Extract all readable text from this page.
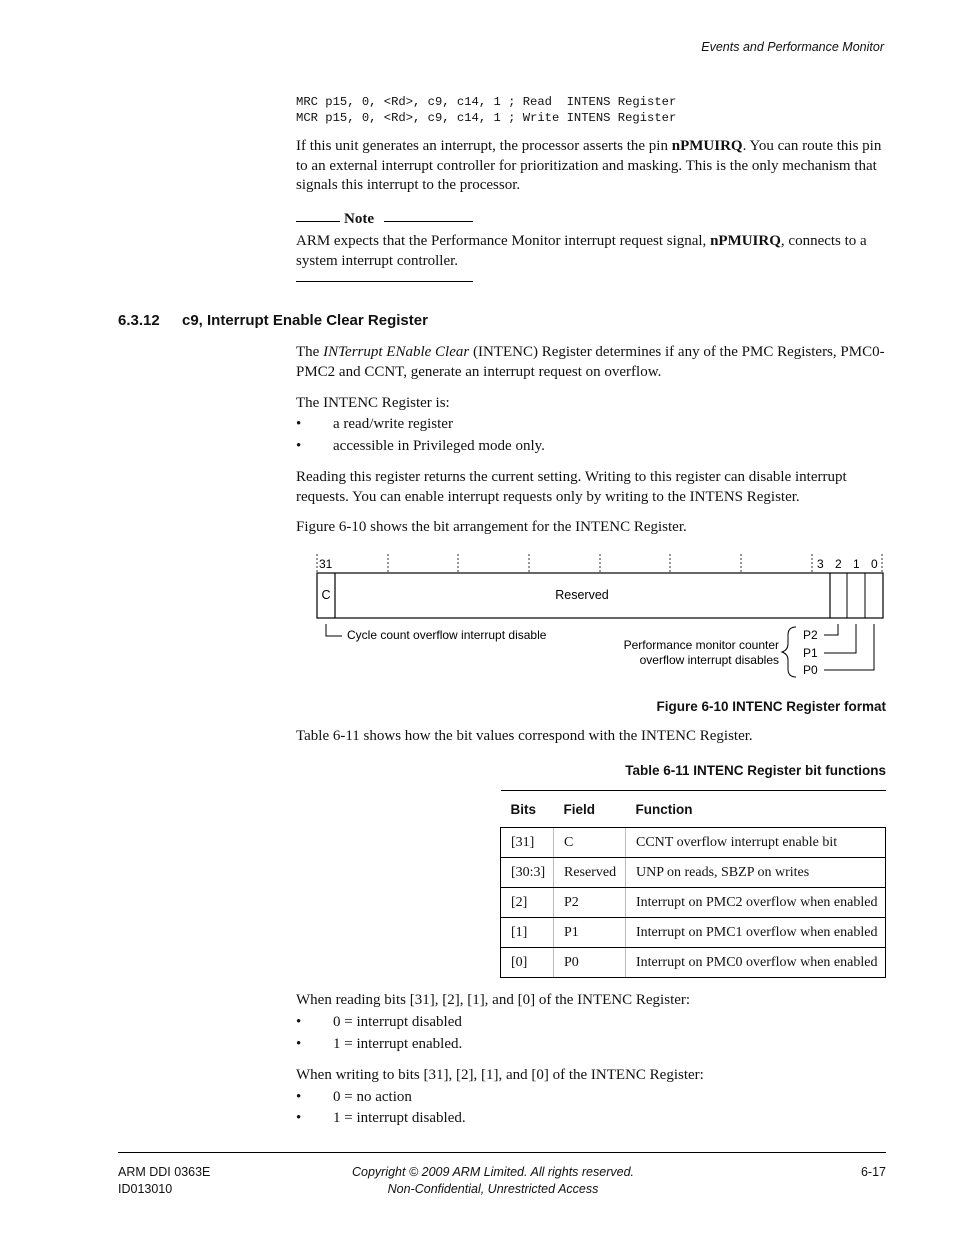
Events and Performance Monitor
MRC p15, 0, <Rd>, c9, c14, 1 ; Read  INTENS Register
MCR p15, 0, <Rd>, c9, c14, 1 ; Write INTENS Register
If this unit generates an interrupt, the processor asserts the pin nPMUIRQ. You can route this pin to an external interrupt controller for prioritization and masking. This is the only mechanism that signals this interrupt to the processor.
Note
ARM expects that the Performance Monitor interrupt request signal, nPMUIRQ, connects to a system interrupt controller.
6.3.12 c9, Interrupt Enable Clear Register
The INTerrupt ENable Clear (INTENC) Register determines if any of the PMC Registers, PMC0-PMC2 and CCNT, generate an interrupt request on overflow.
The INTENC Register is:
• a read/write register
• accessible in Privileged mode only.
Reading this register returns the current setting. Writing to this register can disable interrupt requests. You can enable interrupt requests only by writing to the INTENS Register.
Figure 6-10 shows the bit arrangement for the INTENC Register.
31	3 2 1 0
C	Reserved
Cycle count overflow interrupt disable	P2
P1
P0
Performance monitor counter
overflow interrupt disables
Figure 6-10 INTENC Register format
Table 6-11 shows how the bit values correspond with the INTENC Register.
Table 6-11 INTENC Register bit functions
Bits	Field	Function
[31]	C	CCNT overflow interrupt enable bit
[30:3]	Reserved	UNP on reads, SBZP on writes
[2]	P2	Interrupt on PMC2 overflow when enabled
[1]	P1	Interrupt on PMC1 overflow when enabled
[0]	P0	Interrupt on PMC0 overflow when enabled
When reading bits [31], [2], [1], and [0] of the INTENC Register:
• 0 = interrupt disabled
• 1 = interrupt enabled.
When writing to bits [31], [2], [1], and [0] of the INTENC Register:
• 0 = no action
• 1 = interrupt disabled.
ARM DDI 0363E
ID013010
Copyright © 2009 ARM Limited. All rights reserved.
Non-Confidential, Unrestricted Access
6-17
